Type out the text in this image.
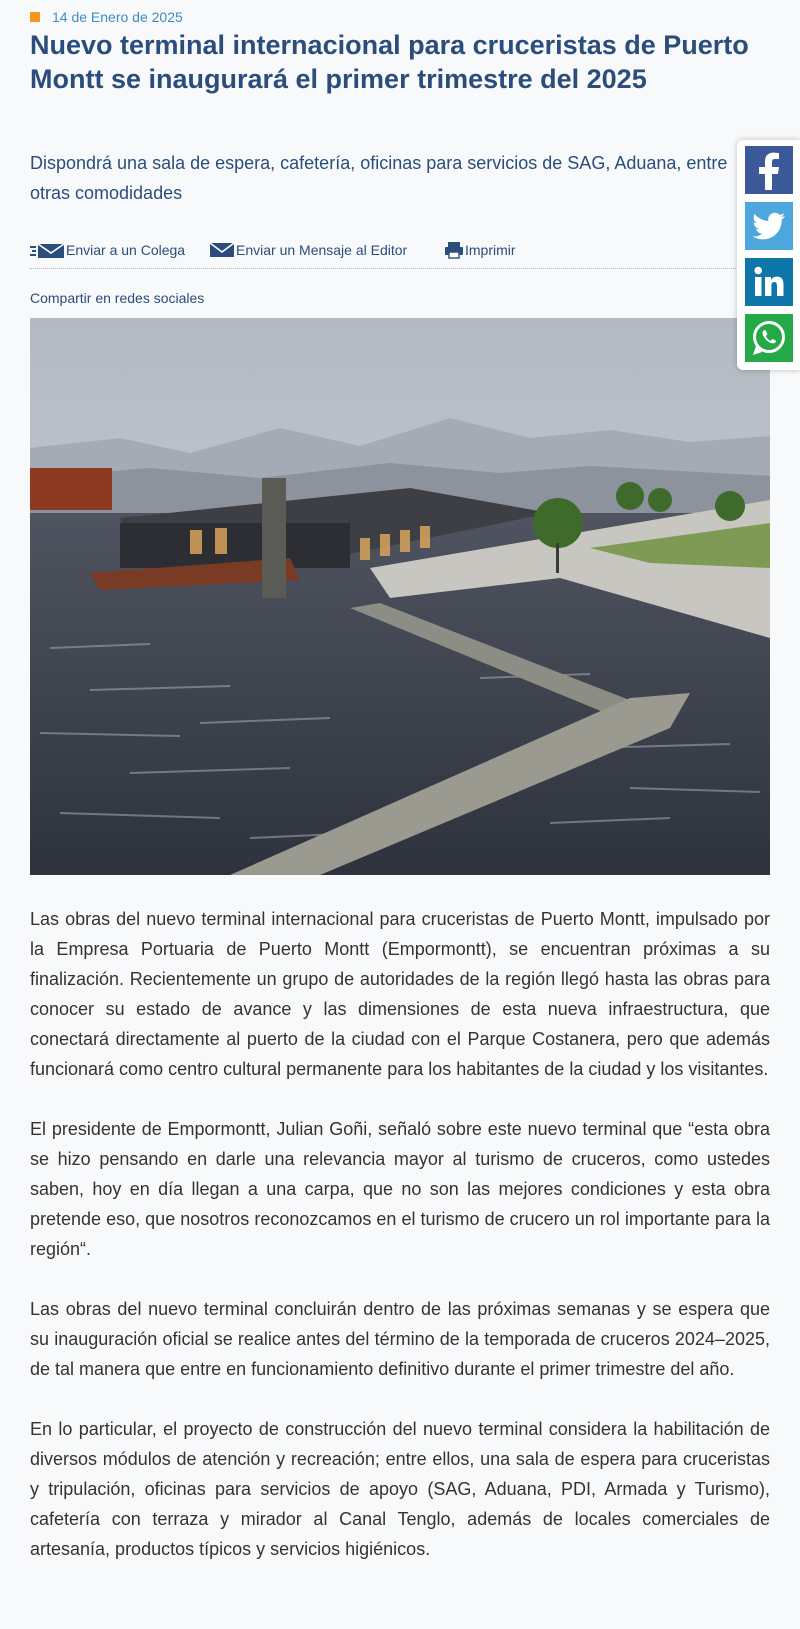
14 de Enero de 2025
Nuevo terminal internacional para cruceristas de Puerto Montt se inaugurará el primer trimestre del 2025

Dispondrá una sala de espera, cafetería, oficinas para servicios de SAG, Aduana, entre otras comodidades

Enviar a un Colega	Enviar un Mensaje al Editor	Imprimir
Compartir en redes sociales

Las obras del nuevo terminal internacional para cruceristas de Puerto Montt, impulsado por la Empresa Portuaria de Puerto Montt (Empormontt), se encuentran próximas a su finalización. Recientemente un grupo de autoridades de la región llegó hasta las obras para conocer su estado de avance y las dimensiones de esta nueva infraestructura, que conectará directamente al puerto de la ciudad con el Parque Costanera, pero que además funcionará como centro cultural permanente para los habitantes de la ciudad y los visitantes.

El presidente de Empormontt, Julian Goñi, señaló sobre este nuevo terminal que “esta obra se hizo pensando en darle una relevancia mayor al turismo de cruceros, como ustedes saben, hoy en día llegan a una carpa, que no son las mejores condiciones y esta obra pretende eso, que nosotros reconozcamos en el turismo de crucero un rol importante para la región“.

Las obras del nuevo terminal concluirán dentro de las próximas semanas y se espera que su inauguración oficial se realice antes del término de la temporada de cruceros 2024–2025, de tal manera que entre en funcionamiento definitivo durante el primer trimestre del año.

En lo particular, el proyecto de construcción del nuevo terminal considera la habilitación de diversos módulos de atención y recreación; entre ellos, una sala de espera para cruceristas y tripulación, oficinas para servicios de apoyo (SAG, Aduana, PDI, Armada y Turismo), cafetería con terraza y mirador al Canal Tenglo, además de locales comerciales de artesanía, productos típicos y servicios higiénicos.
